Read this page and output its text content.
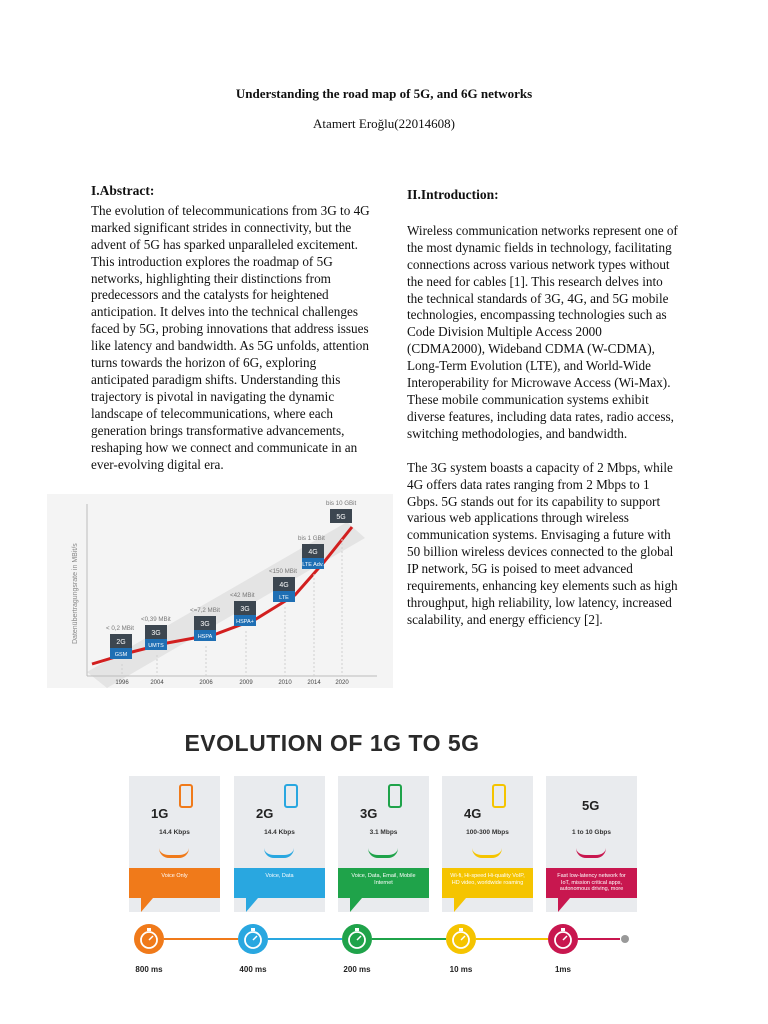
Understanding the road map of 5G, and 6G networks
Atamert Eroğlu(22014608)
I.Abstract:
The evolution of telecommunications from 3G to 4G marked significant strides in connectivity, but the advent of 5G has sparked unparalleled excitement. This introduction explores the roadmap of 5G networks, highlighting their distinctions from predecessors and the catalysts for heightened anticipation. It delves into the technical challenges faced by 5G, probing innovations that address issues like latency and bandwidth. As 5G unfolds, attention turns towards the horizon of 6G, exploring anticipated paradigm shifts. Understanding this trajectory is pivotal in navigating the dynamic landscape of telecommunications, where each generation brings transformative advancements, reshaping how we connect and communicate in an ever-evolving digital era.
II.Introduction:
Wireless communication networks represent one of the most dynamic fields in technology, facilitating connections across various network types without the need for cables [1]. This research delves into the technical standards of 3G, 4G, and 5G mobile technologies, encompassing technologies such as Code Division Multiple Access 2000 (CDMA2000), Wideband CDMA (W-CDMA), Long-Term Evolution (LTE), and World-Wide Interoperability for Microwave Access (Wi-Max). These mobile communication systems exhibit diverse features, including data rates, radio access, switching methodologies, and bandwidth.
The 3G system boasts a capacity of 2 Mbps, while 4G offers data rates ranging from 2 Mbps to 1 Gbps. 5G stands out for its capability to support various web applications through wireless communication systems. Envisaging a future with 50 billion wireless devices connected to the global IP network, 5G is poised to meet advanced requirements, enhancing key elements such as high throughput, high reliability, low latency, increased scalability, and energy efficiency [2].
Datenübertragungsrate in MBit/s	< 0,2 MBit
2G
GSM
1996
<0,39 MBit
3G
UMTS
2004
<=7,2 MBit
3G
HSPA
2006
<42 MBit
3G
HSPA+
2009
<150 MBit
4G
LTE
2010
bis 1 GBit
4G
LTE Adv.
2014
bis 10 GBit
5G
2020
EVOLUTION OF 1G TO 5G
1G
14.4 Kbps
Voice Only
800 ms
2G
14.4 Kbps
Voice, Data
400 ms
3G
3.1 Mbps
Voice, Data, Email, Mobile Internet
200 ms
4G
100-300 Mbps
Wi-fi, Hi-speed Hi-quality VoIP, HD video, worldwide roaming
10 ms
5G
1 to 10 Gbps
Fast low-latency network for IoT, mission critical apps, autonomous driving, more
1ms
